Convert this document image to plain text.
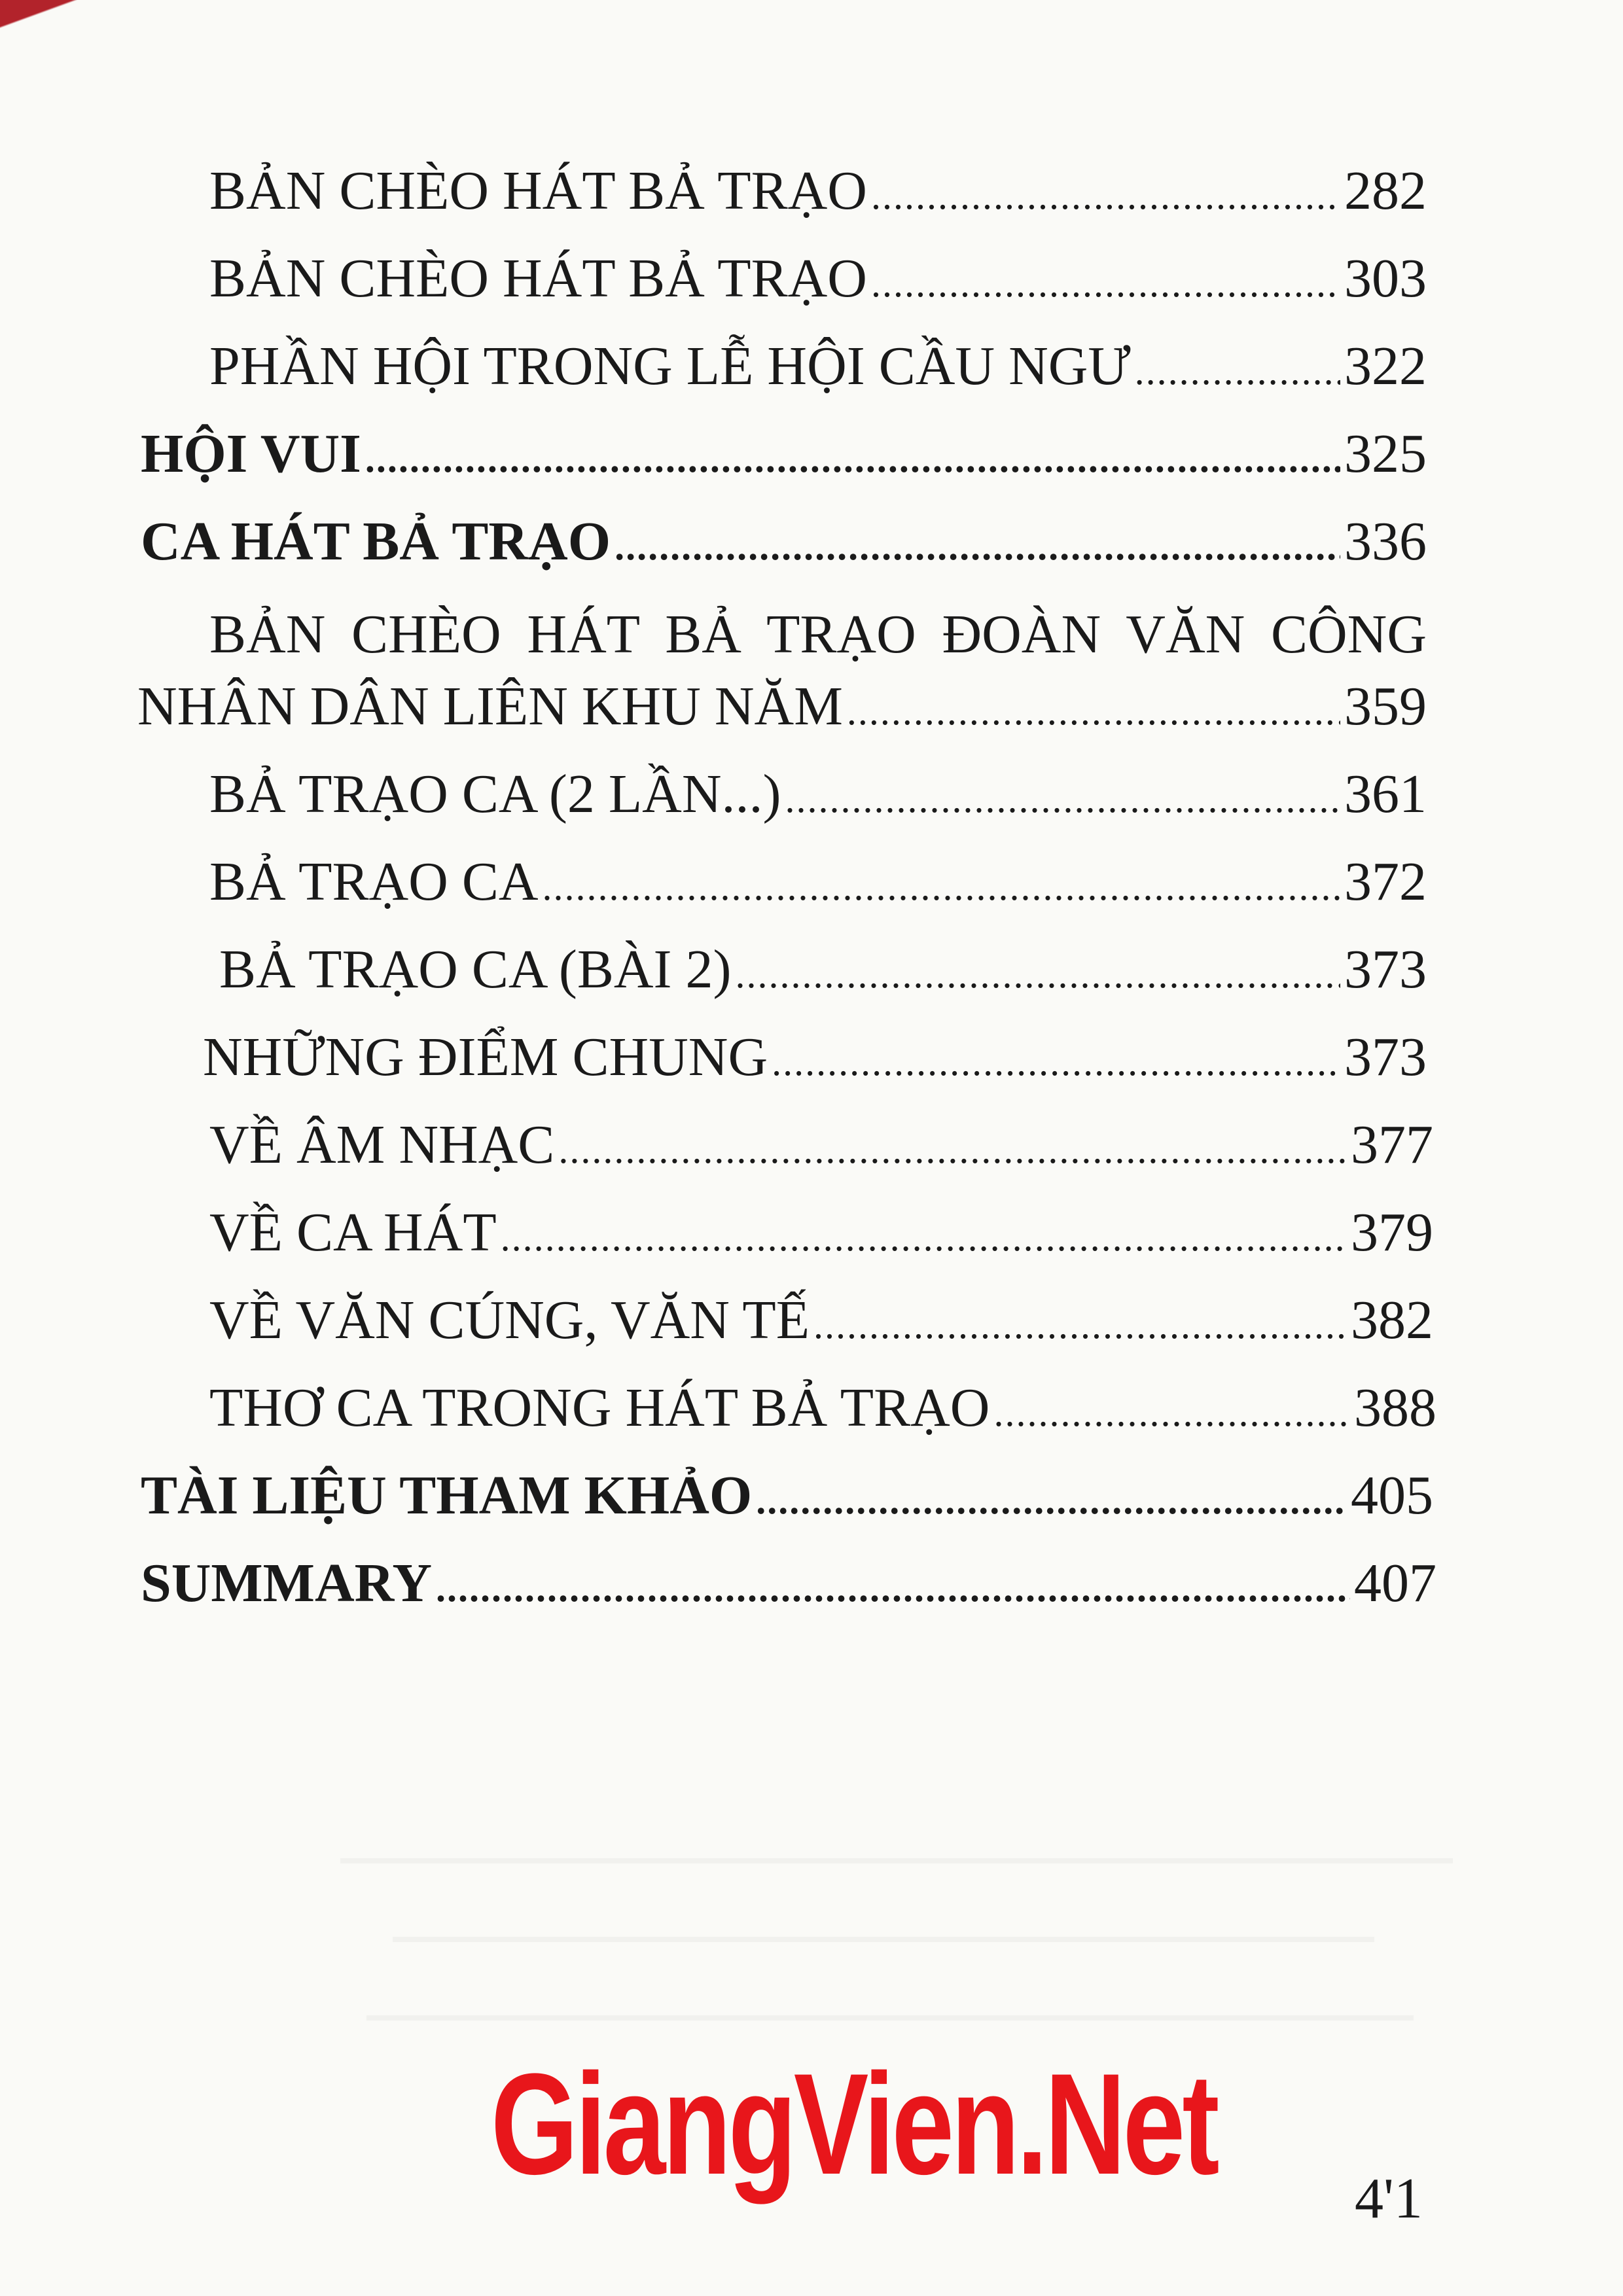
BẢN CHÈO HÁT BẢ TRẠO .....	282
BẢN CHÈO HÁT BẢ TRẠO .....	303
PHẦN HỘI TRONG LỄ HỘI CẦU NGƯ .....	322
HỘI VUI .....	325
CA HÁT BẢ TRẠO .....	336
BẢN CHÈO HÁT BẢ TRẠO ĐOÀN VĂN CÔNG
NHÂN DÂN LIÊN KHU NĂM .....	359
BẢ TRẠO CA (2 LẦN...) .....	361
BẢ TRẠO CA .....	372
BẢ TRẠO CA (BÀI 2) .....	373
NHỮNG ĐIỂM CHUNG .....	373
VỀ ÂM NHẠC .....	377
VỀ CA HÁT .....	379
VỀ VĂN CÚNG, VĂN TẾ .....	382
THƠ CA TRONG HÁT BẢ TRẠO .....	388
TÀI LIỆU THAM KHẢO .....	405
SUMMARY .....	407
GiangVien.Net 4'1
